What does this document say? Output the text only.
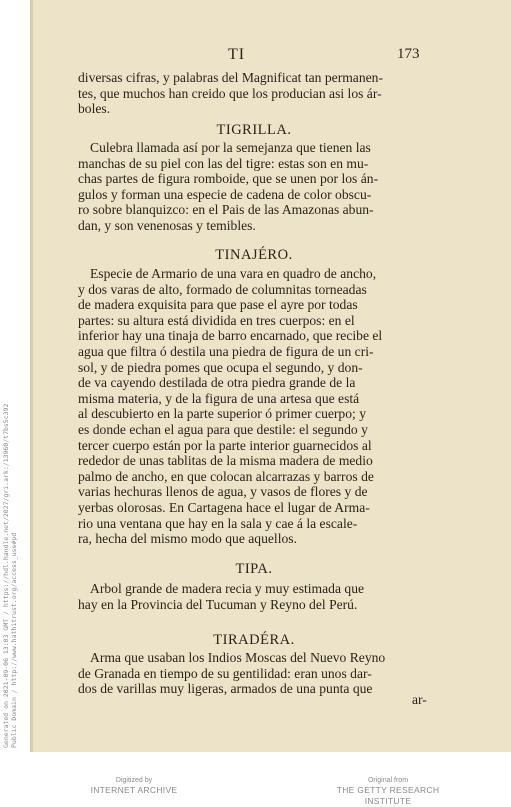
TI	173

diversas cifras, y palabras del Magnificat tan permanen-

tes, que muchos han creido que los producian asi los ár-

boles.

TIGRILLA.

Culebra llamada así por la semejanza que tienen las

manchas de su piel con las del tigre: estas son en mu-

chas partes de figura romboide, que se unen por los án-

gulos y forman una especie de cadena de color obscu-

ro sobre blanquizco: en el Pais de las Amazonas abun-

dan, y son venenosas y temibles.

TINAJÉRO.

Especie de Armario de una vara en quadro de ancho,

y dos varas de alto, formado de columnitas torneadas

de madera exquisita para que pase el ayre por todas

partes: su altura está dividida en tres cuerpos: en el

inferior hay una tinaja de barro encarnado, que recibe el

agua que filtra ó destila una piedra de figura de un cri-

sol, y de piedra pomes que ocupa el segundo, y don-

de va cayendo destilada de otra piedra grande de la

misma materia, y de la figura de una artesa que está

al descubierto en la parte superior ó primer cuerpo; y

es donde echan el agua para que destile: el segundo y

tercer cuerpo están por la parte interior guarnecidos al

rededor de unas tablitas de la misma madera de medio

palmo de ancho, en que colocan alcarrazas y barros de

varias hechuras llenos de agua, y vasos de flores y de

yerbas olorosas. En Cartagena hace el lugar de Arma-

rio una ventana que hay en la sala y cae á la escale-

ra, hecha del mismo modo que aquellos.

TIPA.

Arbol grande de madera recia y muy estimada que

hay en la Provincia del Tucuman y Reyno del Perú.

TIRADÉRA.

Arma que usaban los Indios Moscas del Nuevo Reyno

de Granada en tiempo de su gentilidad: eran unos dar-

dos de varillas muy ligeras, armados de una punta que

ar-
Generated on 2021-09-06 13:03 GMT / https://hdl.handle.net/2027/gri.ark:/13960/t7bs5c392 Public Domain / http://www.hathitrust.org/access_use#pd
Digitized by
INTERNET ARCHIVE
Original from
THE GETTY RESEARCH INSTITUTE
